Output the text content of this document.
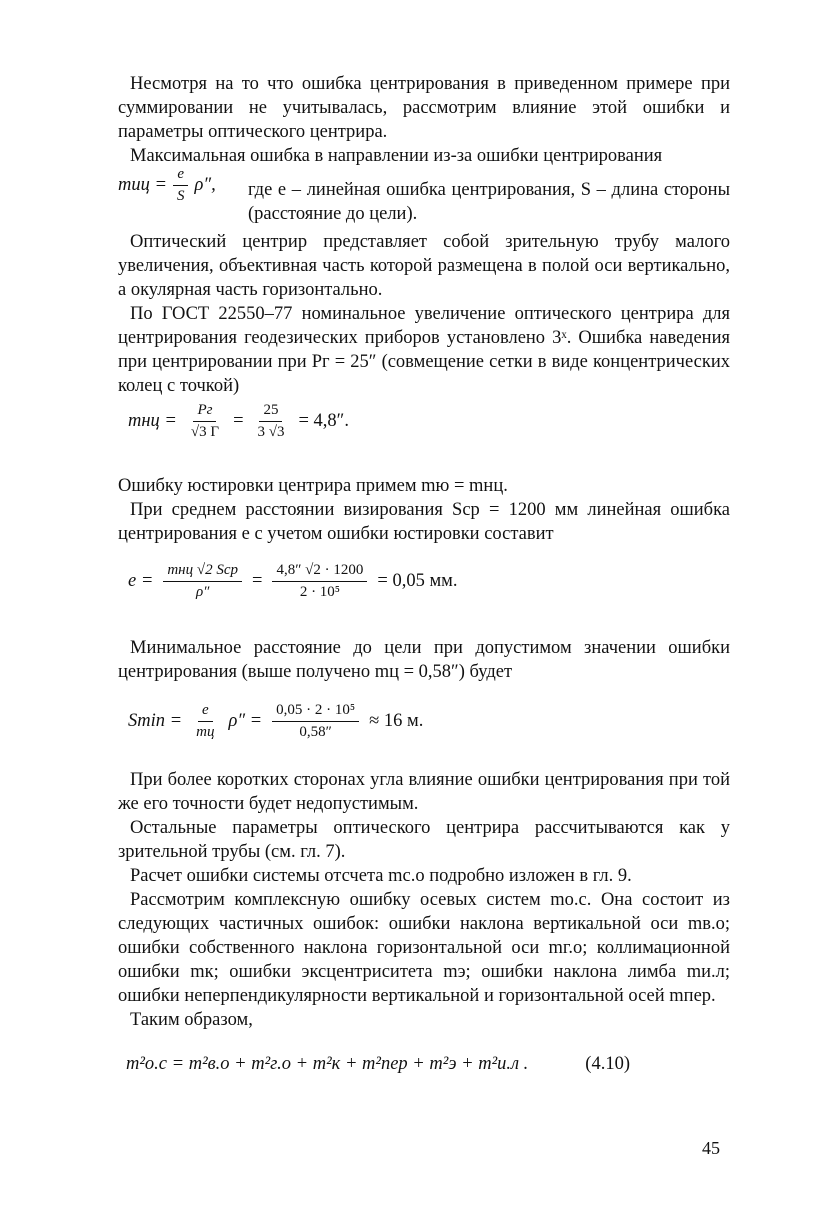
Несмотря на то что ошибка центрирования в приведенном примере при суммировании не учитывалась, рассмотрим влияние этой ошибки и параметры оптического центрира.

Максимальная ошибка в направлении из-за ошибки центрирования

mиц = $\frac{e}{S} \rho''$, где e – линейная ошибка центрирования, S – длина стороны (расстояние до цели).

Оптический центрир представляет собой зрительную трубу малого увеличения, объективная часть которой размещена в полой оси вертикально, а окулярная часть горизонтально.

По ГОСТ 22550–77 номинальное увеличение оптического центрира для центрирования геодезических приборов установлено 3ˣ. Ошибка наведения при центрировании при Pг = 25″ (совмещение сетки в виде концентрических колец с точкой)

mнц = $\frac{Pг}{√3 Г} = \frac{25}{3 √3} = 4,8''$.

Ошибку юстировки центрира примем mю = mнц.

При среднем расстоянии визирования Sср = 1200 мм линейная ошибка центрирования e с учетом ошибки юстировки составит

$e = \frac{\text{mнц √2 Sср}}{\rho''} = \frac{4,8'' √2 \cdot 1200}{\text{2 · 10⁵}} = 0,05$ мм.

Минимальное расстояние до цели при допустимом значении ошибки центрирования (выше получено mц = 0,58″) будет

$Smin = \frac{e}{mц} \rho'' = \frac{\text{0,05 · 2 · 10⁵}}{0,58''} \approx 16$ м.

При более коротких сторонах угла влияние ошибки центрирования при той же его точности будет недопустимым.

Остальные параметры оптического центрира рассчитываются как у зрительной трубы (см. гл. 7).

Расчет ошибки системы отсчета mс.о подробно изложен в гл. 9.

Рассмотрим комплексную ошибку осевых систем mо.с. Она состоит из следующих частичных ошибок: ошибки наклона вертикальной оси mв.о; ошибки собственного наклона горизонтальной оси mг.о; коллимационной ошибки mк; ошибки эксцентриситета mэ; ошибки наклона лимба mи.л; ошибки неперпендикулярности вертикальной и горизонтальной осей mпер.

Таким образом,

m²о.с = m²в.о + m²г.о + m²к + m²пер + m²э + m²и.л .	(4.10)
45
